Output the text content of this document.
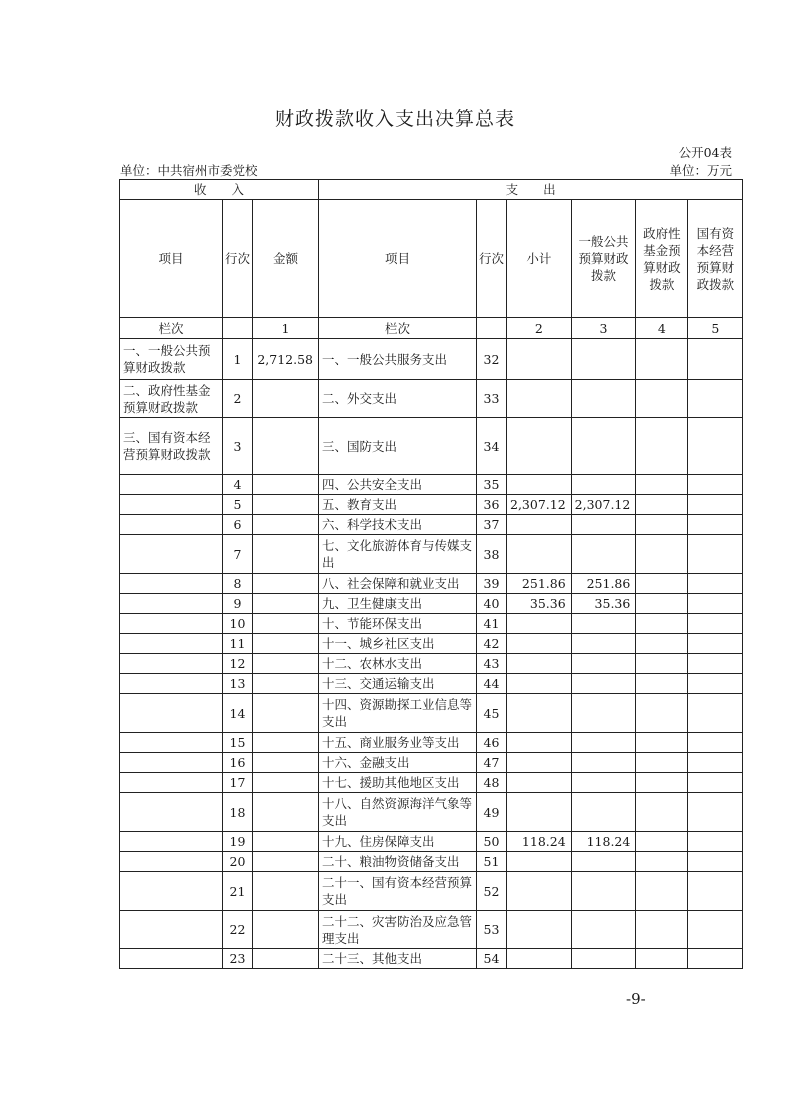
财政拨款收入支出决算总表
公开04表
单位：中共宿州市委党校	单位：万元
收　　入			支　　出					
项目	行次	金额	项目	行次	小计	一般公共预算财政拨款	政府性基金预算财政拨款	国有资本经营预算财政拨款
栏次		1	栏次		2	3	4	5
一、一般公共预算财政拨款	1	2,712.58	一、一般公共服务支出	32				
二、政府性基金预算财政拨款	2		二、外交支出	33				
三、国有资本经营预算财政拨款	3		三、国防支出	34				
	4		四、公共安全支出	35				
	5		五、教育支出	36	2,307.12	2,307.12		
	6		六、科学技术支出	37				
	7		七、文化旅游体育与传媒支出	38				
	8		八、社会保障和就业支出	39	251.86	251.86		
	9		九、卫生健康支出	40	35.36	35.36		
	10		十、节能环保支出	41				
	11		十一、城乡社区支出	42				
	12		十二、农林水支出	43				
	13		十三、交通运输支出	44				
	14		十四、资源勘探工业信息等支出	45				
	15		十五、商业服务业等支出	46				
	16		十六、金融支出	47				
	17		十七、援助其他地区支出	48				
	18		十八、自然资源海洋气象等支出	49				
	19		十九、住房保障支出	50	118.24	118.24		
	20		二十、粮油物资储备支出	51				
	21		二十一、国有资本经营预算支出	52				
	22		二十二、灾害防治及应急管理支出	53				
	23		二十三、其他支出	54				
-9-
